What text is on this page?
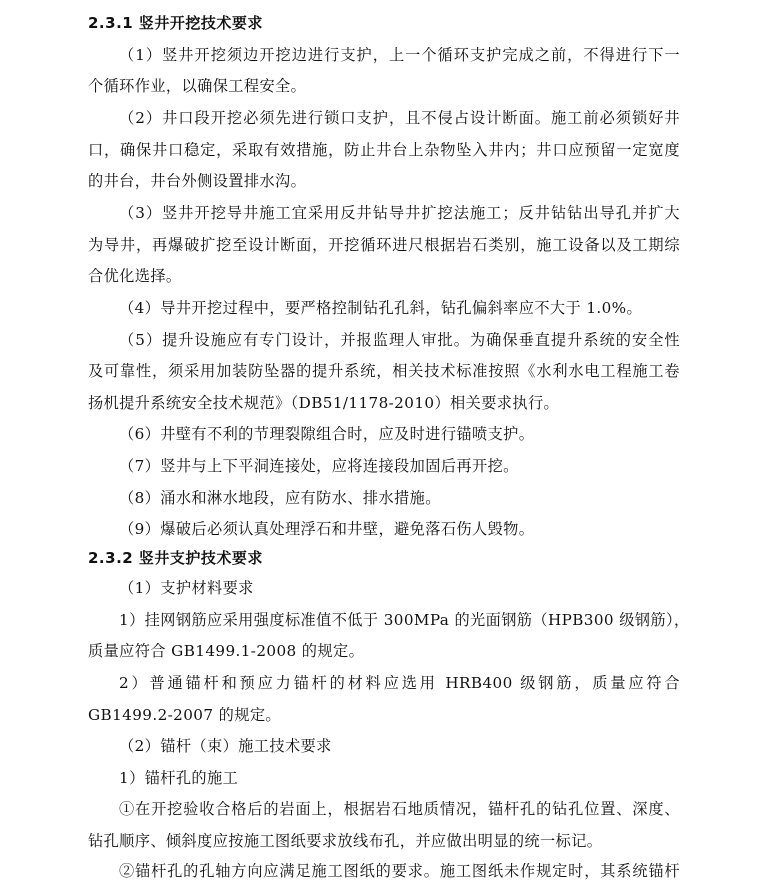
2.3.1 竖井开挖技术要求
（1）竖井开挖须边开挖边进行支护，上一个循环支护完成之前，不得进行下一
个循环作业，以确保工程安全。
（2）井口段开挖必须先进行锁口支护，且不侵占设计断面。施工前必须锁好井
口，确保井口稳定，采取有效措施，防止井台上杂物坠入井内；井口应预留一定宽度
的井台，井台外侧设置排水沟。
（3）竖井开挖导井施工宜采用反井钻导井扩挖法施工；反井钻钻出导孔并扩大
为导井，再爆破扩挖至设计断面，开挖循环进尺根据岩石类别，施工设备以及工期综
合优化选择。
（4）导井开挖过程中，要严格控制钻孔孔斜，钻孔偏斜率应不大于 1.0%。
（5）提升设施应有专门设计，并报监理人审批。为确保垂直提升系统的安全性
及可靠性，须采用加装防坠器的提升系统，相关技术标准按照《水利水电工程施工卷
扬机提升系统安全技术规范》（DB51/1178-2010）相关要求执行。
（6）井壁有不利的节理裂隙组合时，应及时进行锚喷支护。
（7）竖井与上下平洞连接处，应将连接段加固后再开挖。
（8）涌水和淋水地段，应有防水、排水措施。
（9）爆破后必须认真处理浮石和井壁，避免落石伤人毁物。
2.3.2 竖井支护技术要求
（1）支护材料要求
1）挂网钢筋应采用强度标准值不低于 300MPa 的光面钢筋（HPB300 级钢筋），
质量应符合 GB1499.1-2008 的规定。
2）普通锚杆和预应力锚杆的材料应选用 HRB400 级钢筋，质量应符合
GB1499.2-2007 的规定。
（2）锚杆（束）施工技术要求
1）锚杆孔的施工
①在开挖验收合格后的岩面上，根据岩石地质情况，锚杆孔的钻孔位置、深度、
钻孔顺序、倾斜度应按施工图纸要求放线布孔，并应做出明显的统一标记。
②锚杆孔的孔轴方向应满足施工图纸的要求。施工图纸未作规定时，其系统锚杆
